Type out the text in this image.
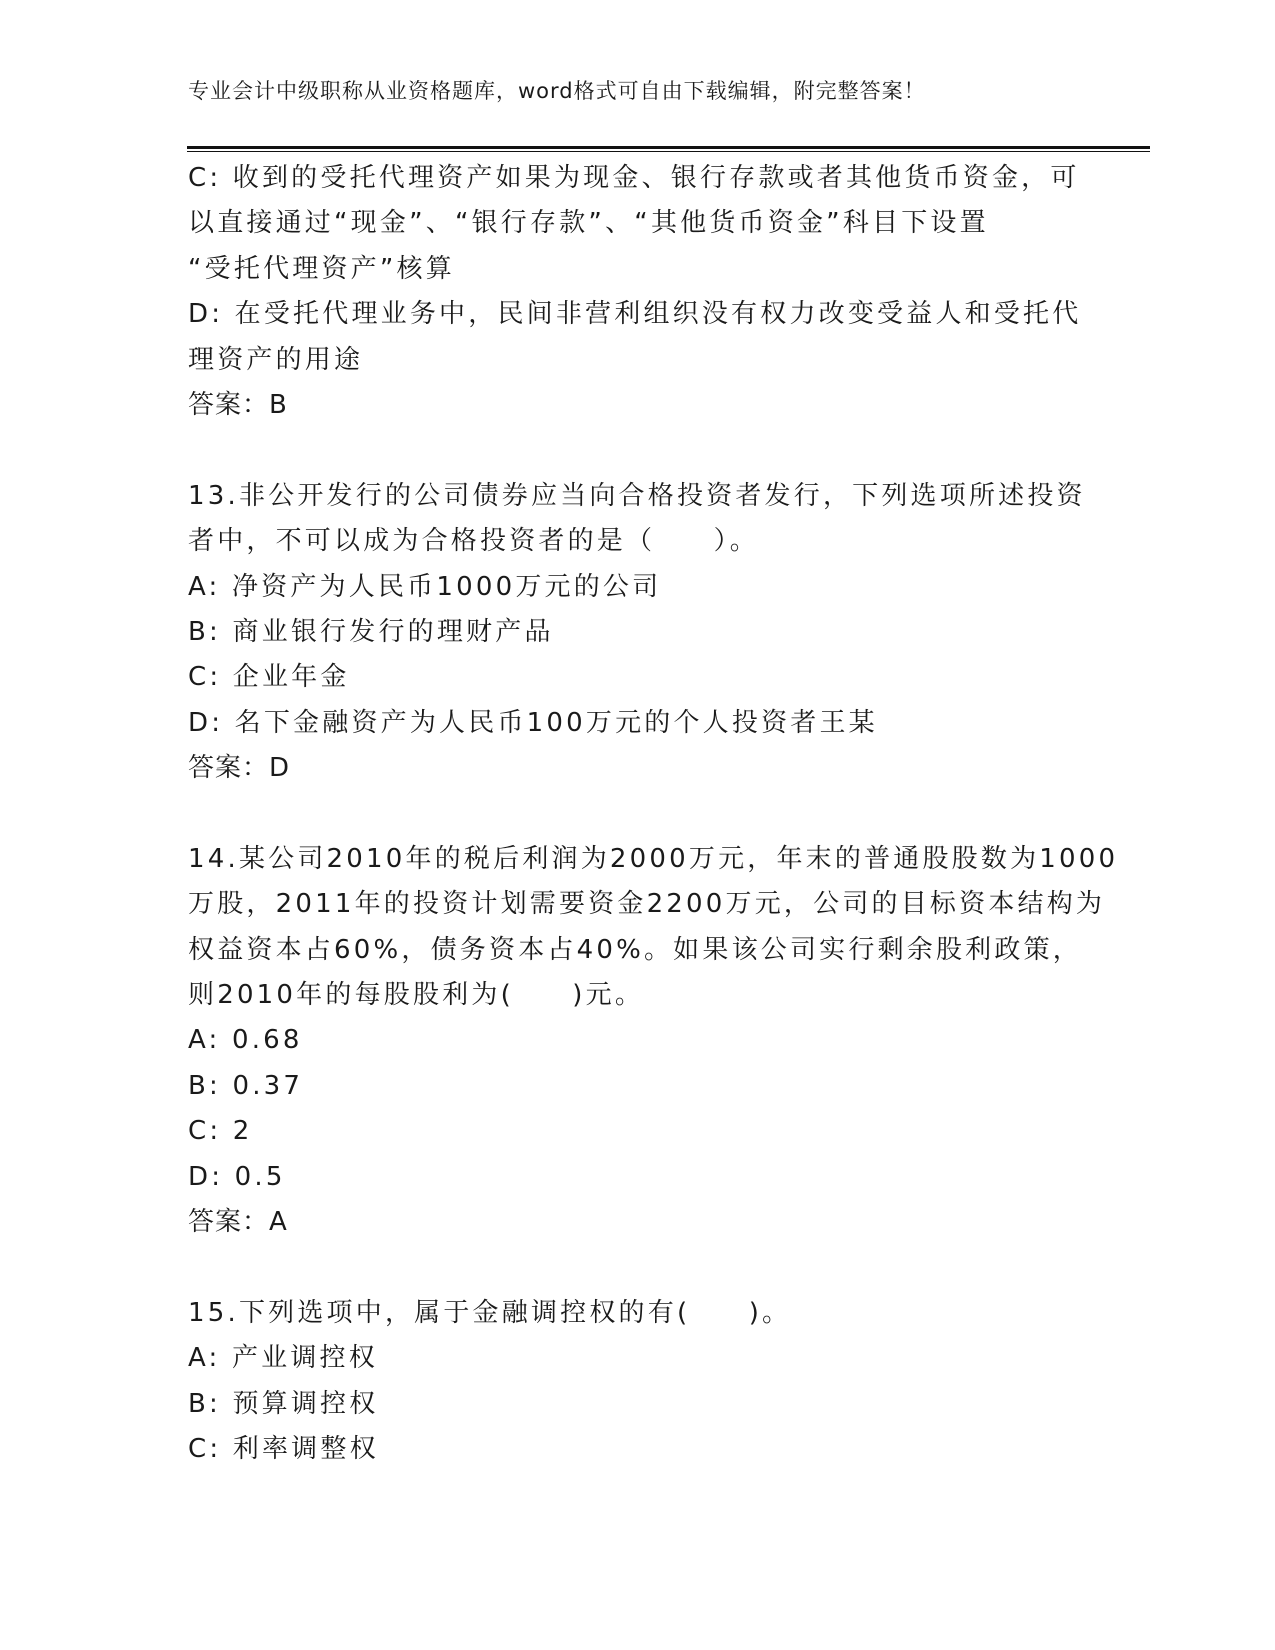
专业会计中级职称从业资格题库，word格式可自由下载编辑，附完整答案！
C: 收到的受托代理资产如果为现金、银行存款或者其他货币资金，可
以直接通过“现金”、“银行存款”、“其他货币资金”科目下设置
“受托代理资产”核算
D: 在受托代理业务中，民间非营利组织没有权力改变受益人和受托代
理资产的用途
答案：B
13.非公开发行的公司债券应当向合格投资者发行，下列选项所述投资
者中，不可以成为合格投资者的是（　　）。
A: 净资产为人民币1000万元的公司
B: 商业银行发行的理财产品
C: 企业年金
D: 名下金融资产为人民币100万元的个人投资者王某
答案：D
14.某公司2010年的税后利润为2000万元，年末的普通股股数为1000
万股，2011年的投资计划需要资金2200万元，公司的目标资本结构为
权益资本占60%，债务资本占40%。如果该公司实行剩余股利政策，
则2010年的每股股利为(　　)元。
A: 0.68
B: 0.37
C: 2
D: 0.5
答案：A
15.下列选项中，属于金融调控权的有(　　)。
A: 产业调控权
B: 预算调控权
C: 利率调整权
